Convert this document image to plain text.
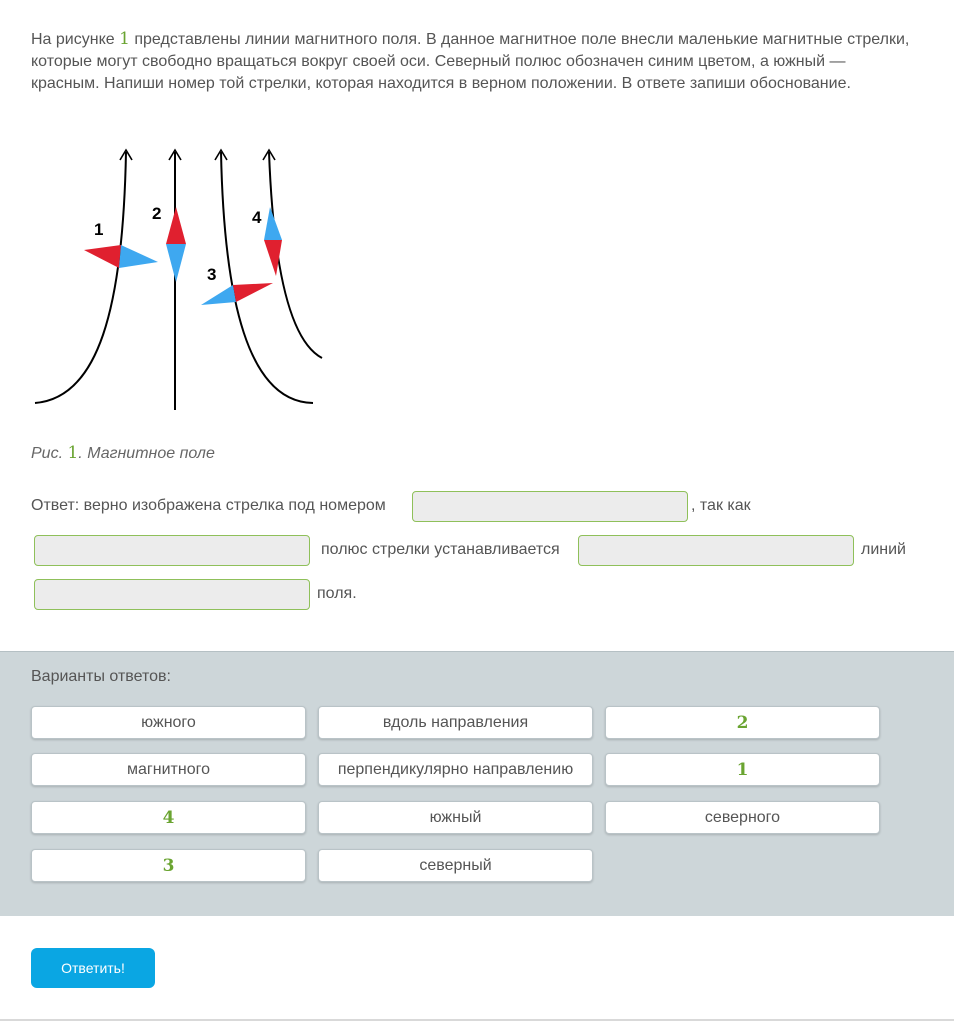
На рисунке 1 представлены линии магнитного поля. В данное магнитное поле внесли маленькие магнитные стрелки, которые могут свободно вращаться вокруг своей оси. Северный полюс обозначен синим цветом, а южный — красным. Напиши номер той стрелки, которая находится в верном положении. В ответе запиши обоснование.
1
2
3
4
Рис. 1. Магнитное поле
Ответ: верно изображена стрелка под номером	, так как
полюс стрелки устанавливается	линий
поля.
Варианты ответов:
южного	вдоль направления	2
магнитного	перпендикулярно направлению	1
4	южный	северного
3	северный
Ответить!
